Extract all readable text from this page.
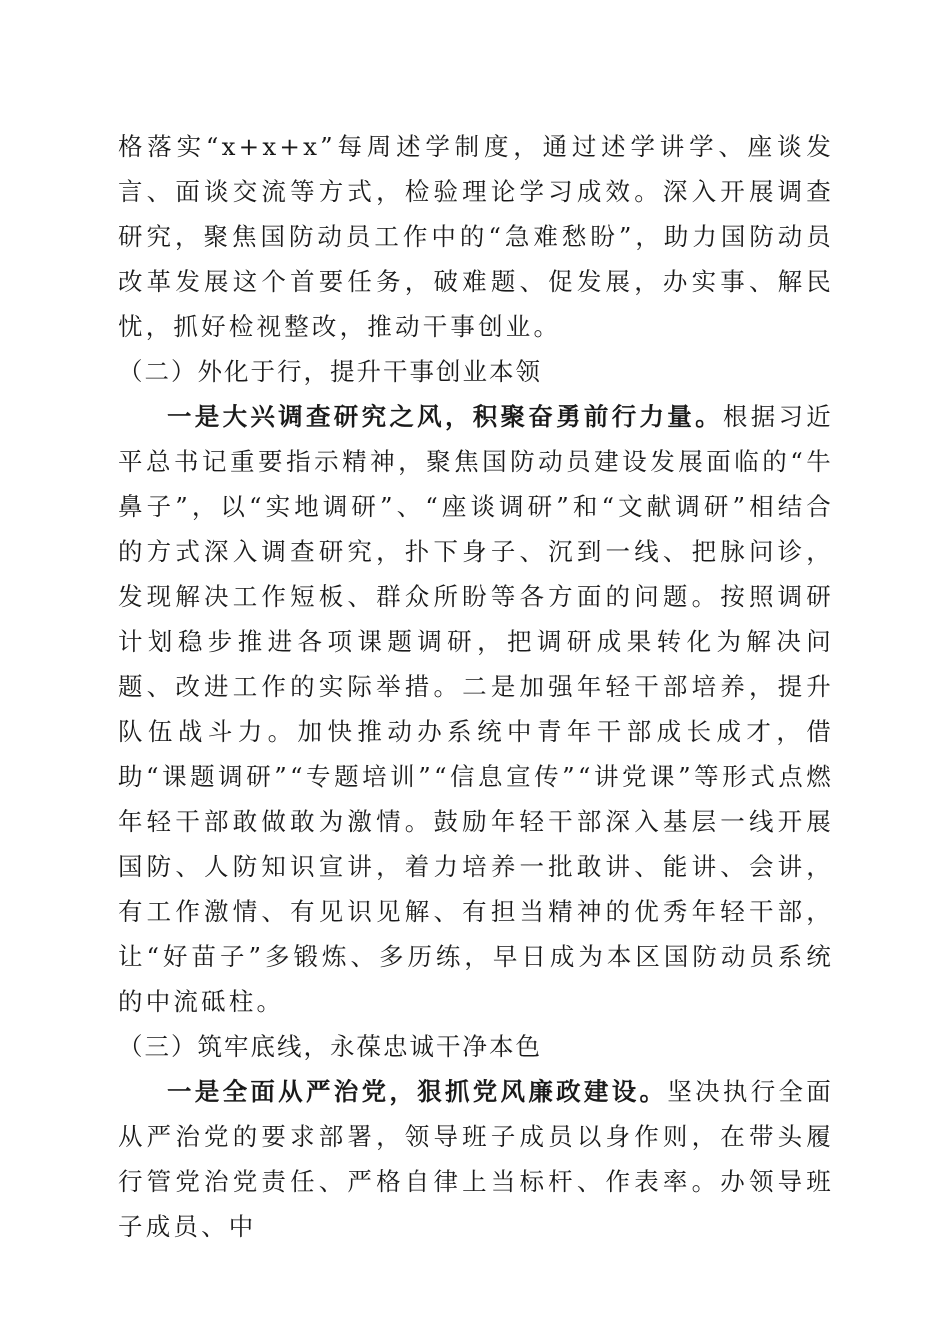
格落实“x+x+x”每周述学制度，通过述学讲学、座谈发言、面谈交流等方式，检验理论学习成效。深入开展调查研究，聚焦国防动员工作中的“急难愁盼”，助力国防动员改革发展这个首要任务，破难题、促发展，办实事、解民忧，抓好检视整改，推动干事创业。

（二）外化于行，提升干事创业本领

一是大兴调查研究之风，积聚奋勇前行力量。根据习近平总书记重要指示精神，聚焦国防动员建设发展面临的“牛鼻子”，以“实地调研”、“座谈调研”和“文献调研”相结合的方式深入调查研究，扑下身子、沉到一线、把脉问诊，发现解决工作短板、群众所盼等各方面的问题。按照调研计划稳步推进各项课题调研，把调研成果转化为解决问题、改进工作的实际举措。二是加强年轻干部培养，提升队伍战斗力。加快推动办系统中青年干部成长成才，借助“课题调研”“专题培训”“信息宣传”“讲党课”等形式点燃年轻干部敢做敢为激情。鼓励年轻干部深入基层一线开展国防、人防知识宣讲，着力培养一批敢讲、能讲、会讲，有工作激情、有见识见解、有担当精神的优秀年轻干部，让“好苗子”多锻炼、多历练，早日成为本区国防动员系统的中流砥柱。

（三）筑牢底线，永葆忠诚干净本色

一是全面从严治党，狠抓党风廉政建设。坚决执行全面从严治党的要求部署，领导班子成员以身作则，在带头履行管党治党责任、严格自律上当标杆、作表率。办领导班子成员、中
